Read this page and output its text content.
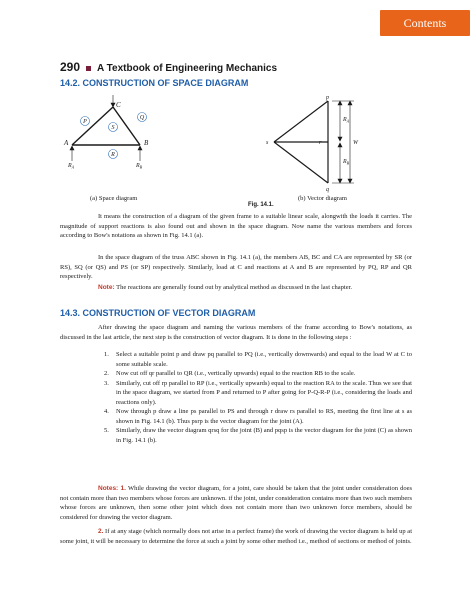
Contents
290 A Textbook of Engineering Mechanics
14.2. CONSTRUCTION OF SPACE DIAGRAM
A	B
C
P
Q
S
R
$R_A$	$R_B$
p
s	r
q
$R_A$
$R_B$
W
(a) Space diagram	(b) Vector diagram
Fig. 14.1.
It means the construction of a diagram of the given frame to a suitable linear scale, alongwith the loads it carries. The magnitude of support reactions is also found out and shown in the space diagram. Now name the various members and forces according to Bow's notations as shown in Fig. 14.1 (a).
In the space diagram of the truss ABC shown in Fig. 14.1 (a), the members AB, BC and CA are represented by SR (or RS), SQ (or QS) and PS (or SP) respectively. Similarly, load at C and reactions at A and B are represented by PQ, RP and QR respectively.
Note: The reactions are generally found out by analytical method as discussed in the last chapter.
14.3. CONSTRUCTION OF VECTOR DIAGRAM
After drawing the space diagram and naming the various members of the frame according to Bow's notations, as discussed in the last article, the next step is the construction of vector diagram. It is done in the following steps :
1. Select a suitable point p and draw pq parallel to PQ (i.e., vertically downwards) and equal to the load W at C to some suitable scale.
2. Now cut off qr parallel to QR (i.e., vertically upwards) equal to the reaction RB to the scale.
3. Similarly, cut off rp parallel to RP (i.e., vertically upwards) equal to the reaction RA to the scale. Thus we see that in the space diagram, we started from P and returned to P after going for P-Q-R-P (i.e., considering the loads and reactions only).
4. Now through p draw a line ps parallel to PS and through r draw rs parallel to RS, meeting the first line at s as shown in Fig. 14.1 (b). Thus psrp is the vector diagram for the joint (A).
5. Similarly, draw the vector diagram qrsq for the joint (B) and pqsp is the vector diagram for the joint (C) as shown in Fig. 14.1 (b).
Notes: 1. While drawing the vector diagram, for a joint, care should be taken that the joint under consideration does not contain more than two members whose forces are unknown. if the joint, under consideration contains more than two such members whose forces are unknown, then some other joint which does not contain more than two unknown force members, should be considered for drawing the vector diagram.
2. If at any stage (which normally does not arise in a perfect frame) the work of drawing the vector diagram is held up at some joint, it will be necessary to determine the force at such a joint by some other method i.e., method of sections or method of joints.
